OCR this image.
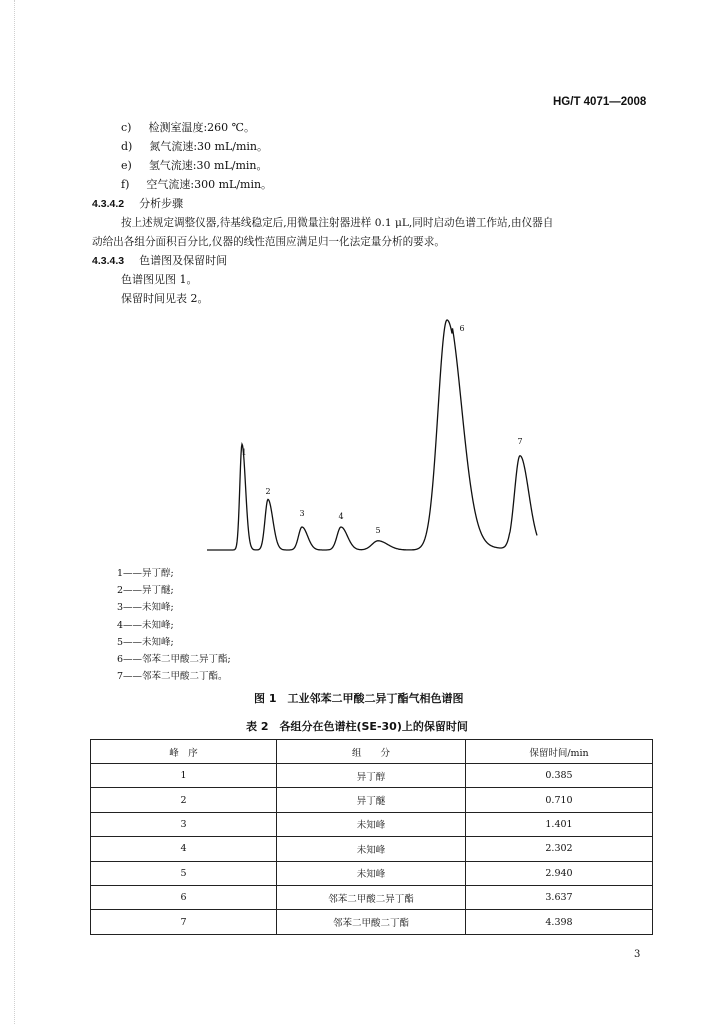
HG/T 4071—2008
c) 检测室温度:260 ℃。
d) 氮气流速:30 mL/min。
e) 氢气流速:30 mL/min。
f) 空气流速:300 mL/min。
4.3.4.2 分析步骤
按上述规定调整仪器,待基线稳定后,用微量注射器进样 0.1 μL,同时启动色谱工作站,由仪器自
动给出各组分面积百分比,仪器的线性范围应满足归一化法定量分析的要求。
4.3.4.3 色谱图及保留时间
色谱图见图 1。
保留时间见表 2。
1
2
3	4
5
6
7
1——异丁醇;
2——异丁醚;
3——未知峰;
4——未知峰;
5——未知峰;
6——邻苯二甲酸二异丁酯;
7——邻苯二甲酸二丁酯。
图 1　工业邻苯二甲酸二异丁酯气相色谱图
表 2　各组分在色谱柱(SE-30)上的保留时间
峰　序	组　　分	保留时间/min
1	异丁醇	0.385
2	异丁醚	0.710
3	未知峰	1.401
4	未知峰	2.302
5	未知峰	2.940
6	邻苯二甲酸二异丁酯	3.637
7	邻苯二甲酸二丁酯	4.398
3
